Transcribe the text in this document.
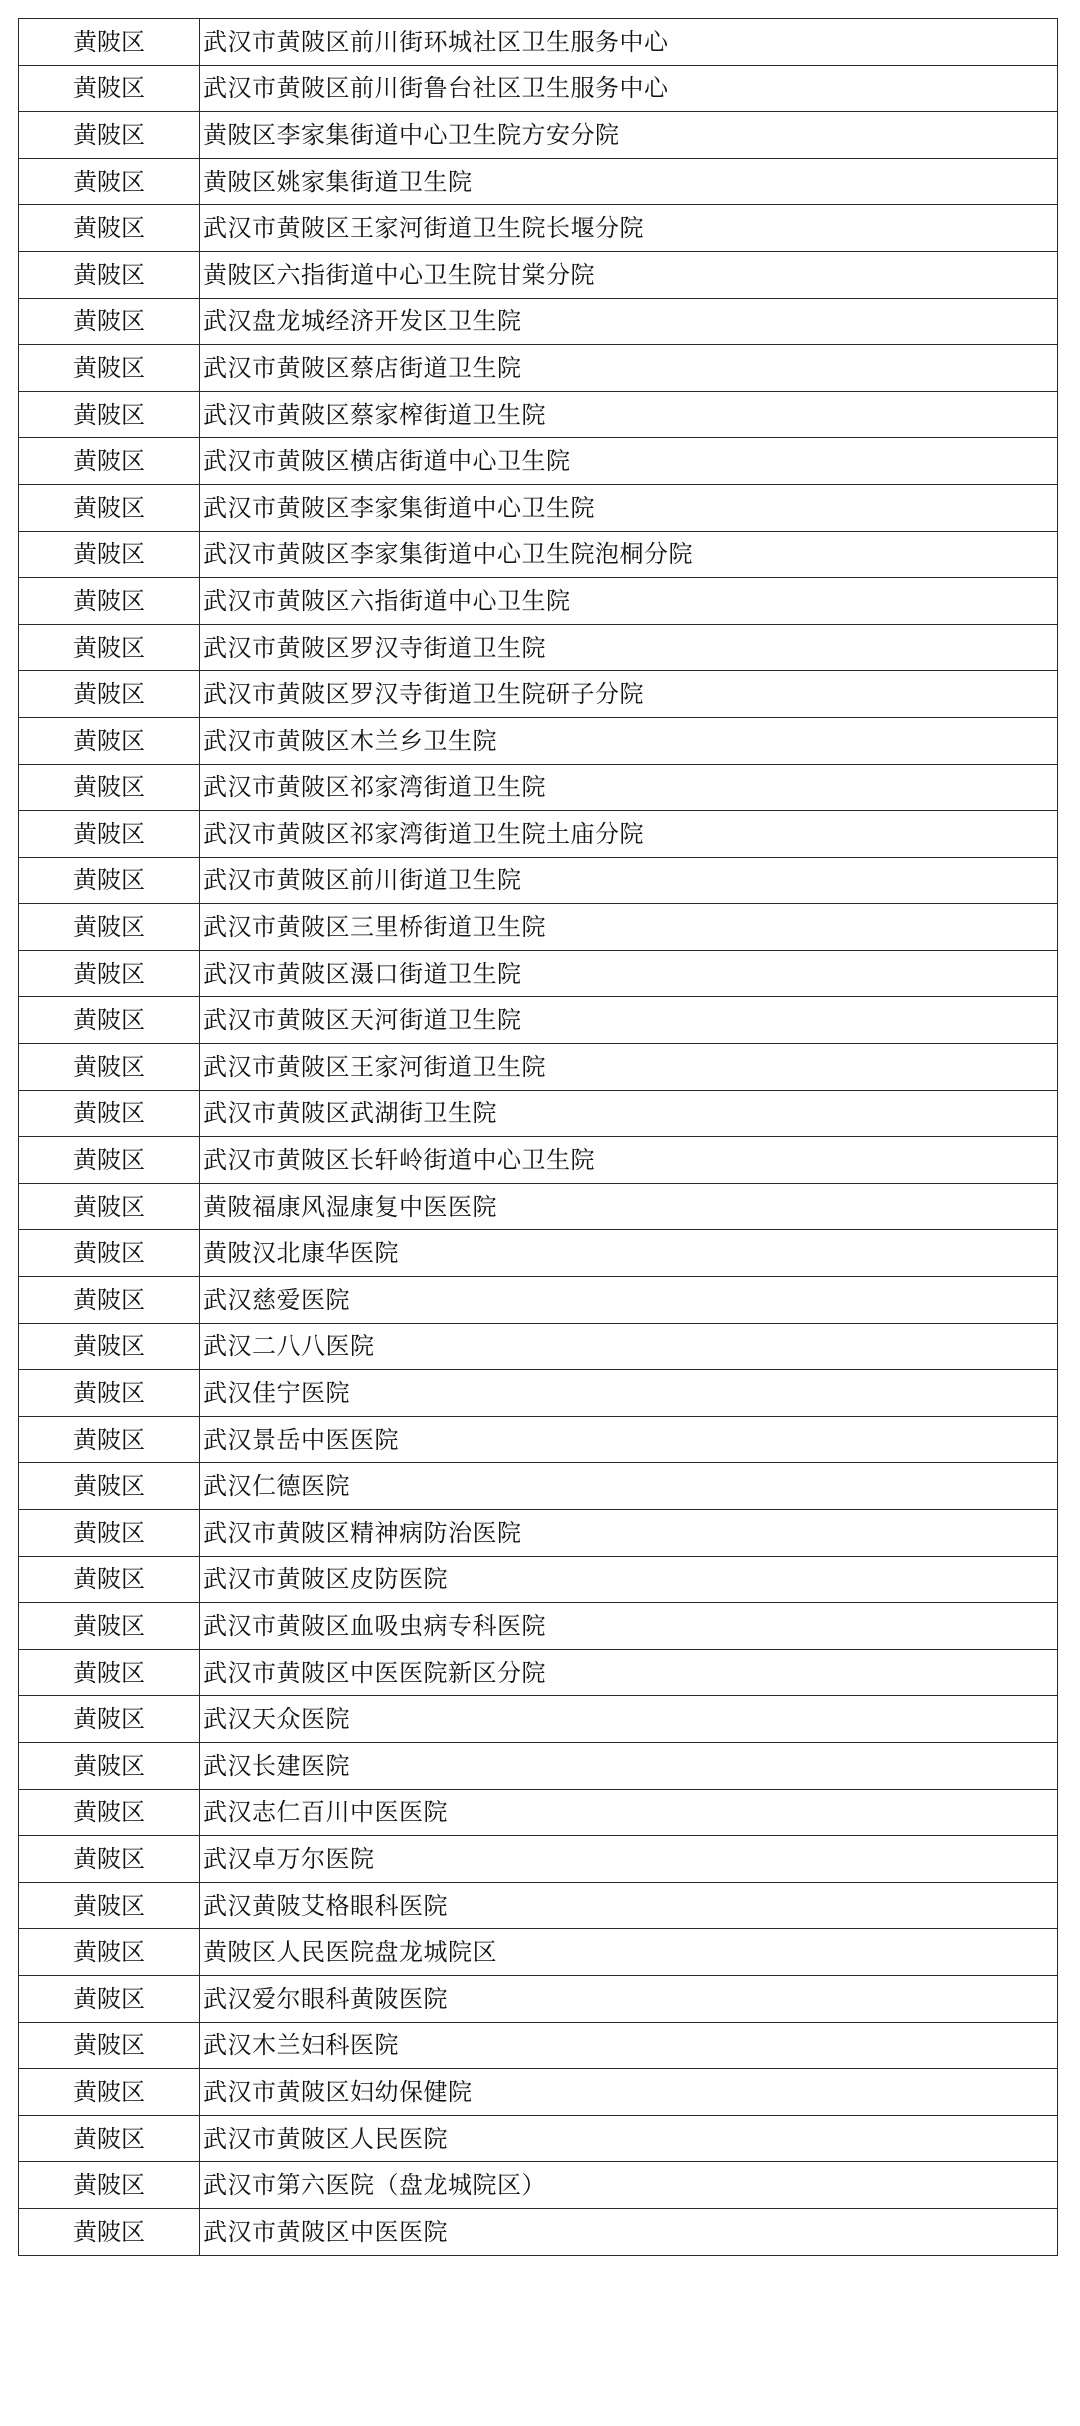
黄陂区	武汉市黄陂区前川街环城社区卫生服务中心
黄陂区	武汉市黄陂区前川街鲁台社区卫生服务中心
黄陂区	黄陂区李家集街道中心卫生院方安分院
黄陂区	黄陂区姚家集街道卫生院
黄陂区	武汉市黄陂区王家河街道卫生院长堰分院
黄陂区	黄陂区六指街道中心卫生院甘棠分院
黄陂区	武汉盘龙城经济开发区卫生院
黄陂区	武汉市黄陂区蔡店街道卫生院
黄陂区	武汉市黄陂区蔡家榨街道卫生院
黄陂区	武汉市黄陂区横店街道中心卫生院
黄陂区	武汉市黄陂区李家集街道中心卫生院
黄陂区	武汉市黄陂区李家集街道中心卫生院泡桐分院
黄陂区	武汉市黄陂区六指街道中心卫生院
黄陂区	武汉市黄陂区罗汉寺街道卫生院
黄陂区	武汉市黄陂区罗汉寺街道卫生院研子分院
黄陂区	武汉市黄陂区木兰乡卫生院
黄陂区	武汉市黄陂区祁家湾街道卫生院
黄陂区	武汉市黄陂区祁家湾街道卫生院土庙分院
黄陂区	武汉市黄陂区前川街道卫生院
黄陂区	武汉市黄陂区三里桥街道卫生院
黄陂区	武汉市黄陂区滠口街道卫生院
黄陂区	武汉市黄陂区天河街道卫生院
黄陂区	武汉市黄陂区王家河街道卫生院
黄陂区	武汉市黄陂区武湖街卫生院
黄陂区	武汉市黄陂区长轩岭街道中心卫生院
黄陂区	黄陂福康风湿康复中医医院
黄陂区	黄陂汉北康华医院
黄陂区	武汉慈爱医院
黄陂区	武汉二八八医院
黄陂区	武汉佳宁医院
黄陂区	武汉景岳中医医院
黄陂区	武汉仁德医院
黄陂区	武汉市黄陂区精神病防治医院
黄陂区	武汉市黄陂区皮防医院
黄陂区	武汉市黄陂区血吸虫病专科医院
黄陂区	武汉市黄陂区中医医院新区分院
黄陂区	武汉天众医院
黄陂区	武汉长建医院
黄陂区	武汉志仁百川中医医院
黄陂区	武汉卓万尔医院
黄陂区	武汉黄陂艾格眼科医院
黄陂区	黄陂区人民医院盘龙城院区
黄陂区	武汉爱尔眼科黄陂医院
黄陂区	武汉木兰妇科医院
黄陂区	武汉市黄陂区妇幼保健院
黄陂区	武汉市黄陂区人民医院
黄陂区	武汉市第六医院（盘龙城院区）
黄陂区	武汉市黄陂区中医医院
